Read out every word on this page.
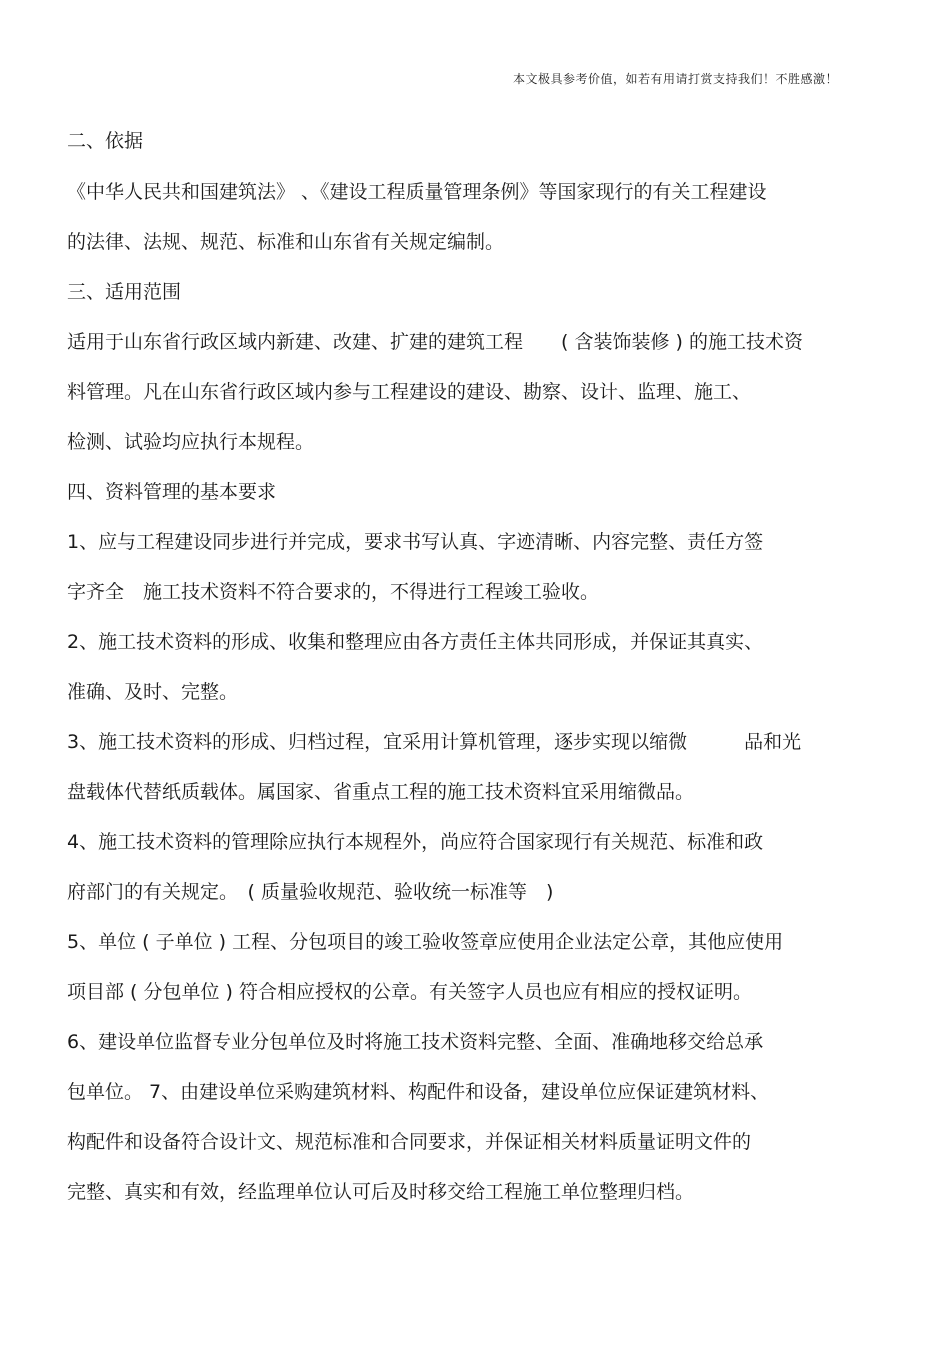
本文极具参考价值，如若有用请打赏支持我们！不胜感激！
二、依据
《中华人民共和国建筑法》 、《建设工程质量管理条例》等国家现行的有关工程建设
的法律、法规、规范、标准和山东省有关规定编制。
三、适用范围
适用于山东省行政区域内新建、改建、扩建的建筑工程　　( 含装饰装修 ) 的施工技术资
料管理。凡在山东省行政区域内参与工程建设的建设、勘察、设计、监理、施工、
检测、试验均应执行本规程。
四、资料管理的基本要求
1、应与工程建设同步进行并完成，要求书写认真、字迹清晰、内容完整、责任方签
字齐全　施工技术资料不符合要求的，不得进行工程竣工验收。
2、施工技术资料的形成、收集和整理应由各方责任主体共同形成，并保证其真实、
准确、及时、完整。
3、施工技术资料的形成、归档过程，宜采用计算机管理，逐步实现以缩微　　　品和光
盘载体代替纸质载体。属国家、省重点工程的施工技术资料宜采用缩微品。
4、施工技术资料的管理除应执行本规程外，尚应符合国家现行有关规范、标准和政
府部门的有关规定。　( 质量验收规范、验收统一标准等　)
5、单位 ( 子单位 ) 工程、分包项目的竣工验收签章应使用企业法定公章，其他应使用
项目部 ( 分包单位 ) 符合相应授权的公章。有关签字人员也应有相应的授权证明。
6、建设单位监督专业分包单位及时将施工技术资料完整、全面、准确地移交给总承
包单位。 7、由建设单位采购建筑材料、构配件和设备，建设单位应保证建筑材料、
构配件和设备符合设计文、规范标准和合同要求，并保证相关材料质量证明文件的
完整、真实和有效，经监理单位认可后及时移交给工程施工单位整理归档。
